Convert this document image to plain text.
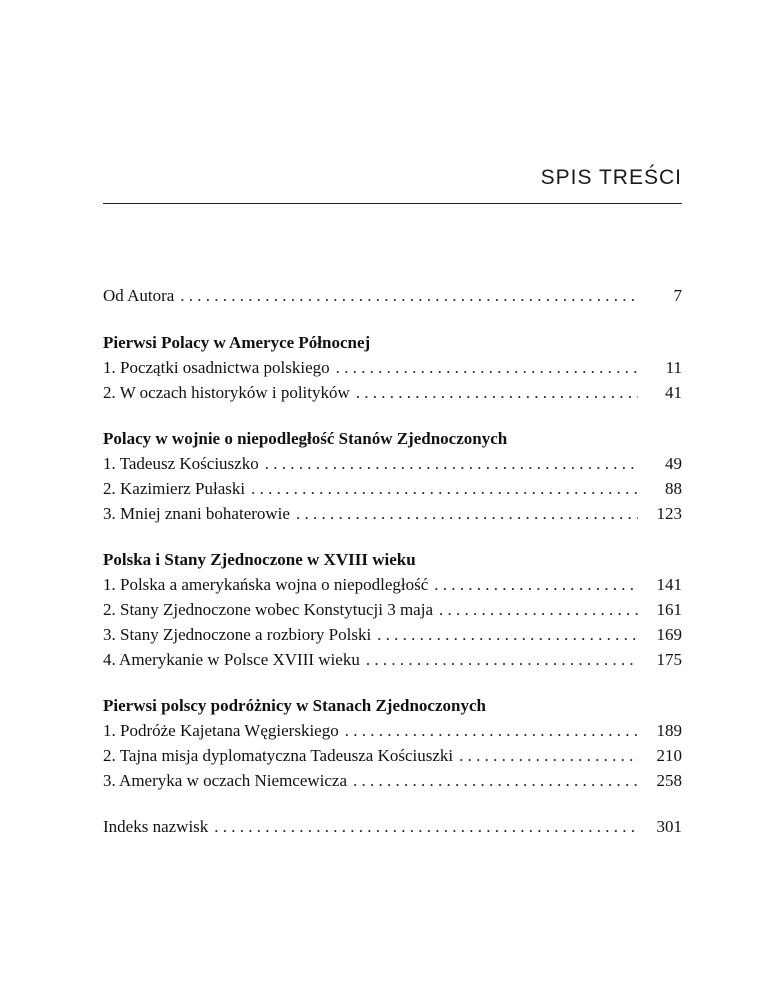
SPIS TREŚCI
Od Autora . . .	7
Pierwsi Polacy w Ameryce Północnej
1. Początki osadnictwa polskiego . . .	11
2. W oczach historyków i polityków . . .	41
Polacy w wojnie o niepodległość Stanów Zjednoczonych
1. Tadeusz Kościuszko . . .	49
2. Kazimierz Pułaski . . .	88
3. Mniej znani bohaterowie . . .	123
Polska i Stany Zjednoczone w XVIII wieku
1. Polska a amerykańska wojna o niepodległość . . .	141
2. Stany Zjednoczone wobec Konstytucji 3 maja . . .	161
3. Stany Zjednoczone a rozbiory Polski . . .	169
4. Amerykanie w Polsce XVIII wieku . . .	175
Pierwsi polscy podróżnicy w Stanach Zjednoczonych
1. Podróże Kajetana Węgierskiego . . .	189
2. Tajna misja dyplomatyczna Tadeusza Kościuszki . . .	210
3. Ameryka w oczach Niemcewicza . . .	258
Indeks nazwisk . . .	301
